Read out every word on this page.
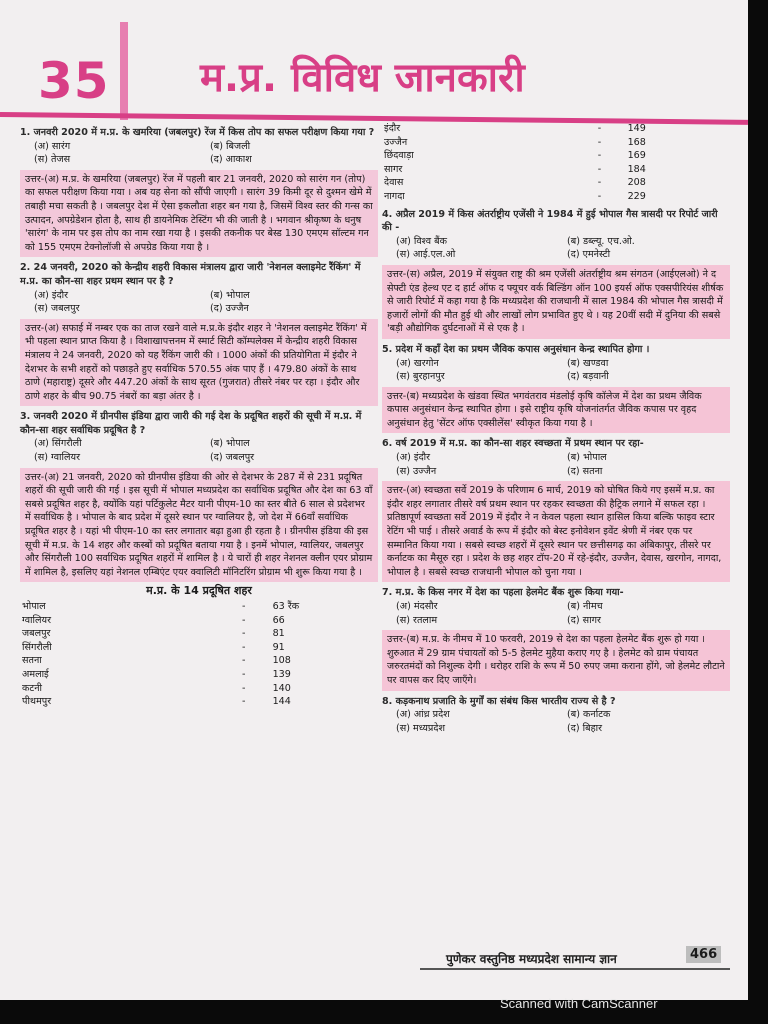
35 म.प्र. विविध जानकारी
1. जनवरी 2020 में म.प्र. के खमरिया (जबलपुर) रेंज में किस तोप का सफल परीक्षण किया गया ?
(अ) सारंग	(ब) बिजली
(स) तेजस	(द) आकाश
उत्तर-(अ) म.प्र. के खमरिया (जबलपुर) रेंज में पहली बार 21 जनवरी, 2020 को सारंग गन (तोप) का सफल परीक्षण किया गया । अब यह सेना को सौंपी जाएगी । सारंग 39 किमी दूर से दुश्मन खेमे में तबाही मचा सकती है । जबलपुर देश में ऐसा इकलौता शहर बन गया है, जिसमें विश्व स्तर की गन्स का उत्पादन, अपग्रेडेशन होता है, साथ ही डायनेमिक टेस्टिंग भी की जाती है । भगवान श्रीकृष्ण के धनुष 'सारंग' के नाम पर इस तोप का नाम रखा गया है । इसकी तकनीक पर बेस्ड 130 एमएम सॉल्टम गन को 155 एमएम टेक्नोलॉजी से अपग्रेड किया गया है ।
2. 24 जनवरी, 2020 को केन्द्रीय शहरी विकास मंत्रालय द्वारा जारी 'नेशनल क्लाइमेट रैंकिंग' में म.प्र. का कौन-सा शहर प्रथम स्थान पर है ?
(अ) इंदौर	(ब) भोपाल
(स) जबलपुर	(द) उज्जैन
उत्तर-(अ) सफाई में नम्बर एक का ताज रखने वाले म.प्र.के इंदौर शहर ने 'नेशनल क्लाइमेट रैंकिंग' में भी पहला स्थान प्राप्त किया है । विशाखापत्तनम में स्मार्ट सिटी कॉम्पलेक्स में केन्द्रीय शहरी विकास मंत्रालय ने 24 जनवरी, 2020 को यह रैंकिंग जारी की । 1000 अंकों की प्रतियोगिता में इंदौर ने देशभर के सभी शहरों को पछाड़ते हुए सर्वाधिक 570.55 अंक पाए हैं । 479.80 अंकों के साथ ठाणे (महाराष्ट्र) दूसरे और 447.20 अंकों के साथ सूरत (गुजरात) तीसरे नंबर पर रहा । इंदौर और ठाणे शहर के बीच 90.75 नंबरों का बड़ा अंतर है ।
3. जनवरी 2020 में ग्रीनपीस इंडिया द्वारा जारी की गई देश के प्रदूषित शहरों की सूची में म.प्र. में कौन-सा शहर सर्वाधिक प्रदूषित है ?
(अ) सिंगरौली	(ब) भोपाल
(स) ग्वालियर	(द) जबलपुर
उत्तर-(अ) 21 जनवरी, 2020 को ग्रीनपीस इंडिया की ओर से देशभर के 287 में से 231 प्रदूषित शहरों की सूची जारी की गई । इस सूची में भोपाल मध्यप्रदेश का सर्वाधिक प्रदूषित और देश का 63 वाँ सबसे प्रदूषित शहर है, क्योंकि यहां पर्टिकुलेट मैटर यानी पीएम-10 का स्तर बीते 6 साल से प्रदेशभर में सर्वाधिक है । भोपाल के बाद प्रदेश में दूसरे स्थान पर ग्वालियर है, जो देश में 66वाँ सर्वाधिक प्रदूषित शहर है । यहां भी पीएम-10 का स्तर लगातार बढ़ा हुआ ही रहता है । ग्रीनपीस इंडिया की इस सूची में म.प्र. के 14 शहर और कस्बों को प्रदूषित बताया गया है । इनमें भोपाल, ग्वालियर, जबलपुर और सिंगरौली 100 सर्वाधिक प्रदूषित शहरों में शामिल है । ये चारों ही शहर नेशनल क्लीन एयर प्रोग्राम में शामिल है, इसलिए यहां नेशनल एम्बिएंट एयर क्वालिटी मॉनिटरिंग प्रोग्राम भी शुरू किया गया है ।
म.प्र. के 14 प्रदूषित शहर
भोपाल	-	63 रैंक
ग्वालियर	-	66
जबलपुर	-	81
सिंगरौली	-	91
सतना	-	108
अमलाई	-	139
कटनी	-	140
पीथमपुर	-	144
इंदौर	-	149
उज्जैन	-	168
छिंदवाड़ा	-	169
सागर	-	184
देवास	-	208
नागदा	-	229
4. अप्रैल 2019 में किस अंतर्राष्ट्रीय एजेंसी ने 1984 में हुई भोपाल गैस त्रासदी पर रिपोर्ट जारी की -
(अ) विश्व बैंक	(ब) डब्ल्यू. एच.ओ.
(स) आई.एल.ओ	(द) एमनेस्टी
उत्तर-(स) अप्रैल, 2019 में संयुक्त राष्ट्र की श्रम एजेंसी अंतर्राष्ट्रीय श्रम संगठन (आईएलओ) ने द सेफ्टी एंड हेल्थ एट द हार्ट ऑफ द फ्यूचर वर्क बिल्डिंग ऑन 100 इयर्स ऑफ एक्सपीरियंस शीर्षक से जारी रिपोर्ट में कहा गया है कि मध्यप्रदेश की राजधानी में साल 1984 की भोपाल गैस त्रासदी में हजारों लोगों की मौत हुई थी और लाखों लोग प्रभावित हुए थे । यह 20वीं सदी में दुनिया की सबसे 'बड़ी औद्योगिक दुर्घटनाओं में से एक है ।
5. प्रदेश में कहाँ देश का प्रथम जैविक कपास अनुसंधान केन्द्र स्थापित होगा ।
(अ) खरगोन	(ब) खण्डवा
(स) बुरहानपुर	(द) बड़वानी
उत्तर-(ब) मध्यप्रदेश के खंडवा स्थित भगवंतराव मंडलोई कृषि कॉलेज में देश का प्रथम जैविक कपास अनुसंधान केन्द्र स्थापित होगा । इसे राष्ट्रीय कृषि योजनांतर्गत जैविक कपास पर वृहद अनुसंधान हेतु 'सेंटर ऑफ एक्सीलेंस' स्वीकृत किया गया है ।
6. वर्ष 2019 में म.प्र. का कौन-सा शहर स्वच्छता में प्रथम स्थान पर रहा-
(अ) इंदौर	(ब) भोपाल
(स) उज्जैन	(द) सतना
उत्तर-(अ) स्वच्छता सर्वे 2019 के परिणाम 6 मार्च, 2019 को घोषित किये गए इसमें म.प्र. का इंदौर शहर लगातार तीसरे वर्ष प्रथम स्थान पर रहकर स्वच्छता की हैट्रिक लगाने में सफल रहा । प्रतिष्ठापूर्ण स्वच्छता सर्वे 2019 में इंदौर ने न केवल पहला स्थान हासिल किया बल्कि फाइव स्टार रेटिंग भी पाई । तीसरे अवार्ड के रूप में इंदौर को बेस्ट इनोवेशन इवेंट श्रेणी में नंबर एक पर सम्मानित किया गया । सबसे स्वच्छ शहरों में दूसरे स्थान पर छत्तीसगढ़ का अंबिकापुर, तीसरे पर कर्नाटक का मैसूरु रहा । प्रदेश के छह शहर टॉप-20 में रहे-इंदौर, उज्जैन, देवास, खरगोन, नागदा, भोपाल है । सबसे स्वच्छ राजधानी भोपाल को चुना गया ।
7. म.प्र. के किस नगर में देश का पहला हेलमेट बैंक शुरू किया गया-
(अ) मंदसौर	(ब) नीमच
(स) रतलाम	(द) सागर
उत्तर-(ब) म.प्र. के नीमच में 10 फरवरी, 2019 से देश का पहला हेलमेट बैंक शुरू हो गया । शुरुआत में 29 ग्राम पंचायतों को 5-5 हेलमेट मुहैया कराए गए है । हेलमेट को ग्राम पंचायत जरुरतमंदों को निशुल्क देगी । धरोहर राशि के रूप में 50 रुपए जमा कराना होंगे, जो हेलमेट लौटाने पर वापस कर दिए जाएँगे।
8. कड़कनाथ प्रजाति के मुर्गों का संबंध किस भारतीय राज्य से है ?
(अ) आंध्र प्रदेश	(ब) कर्नाटक
(स) मध्यप्रदेश	(द) बिहार
पुणेकर वस्तुनिष्ठ मध्यप्रदेश सामान्य ज्ञान	466
Scanned with CamScanner
